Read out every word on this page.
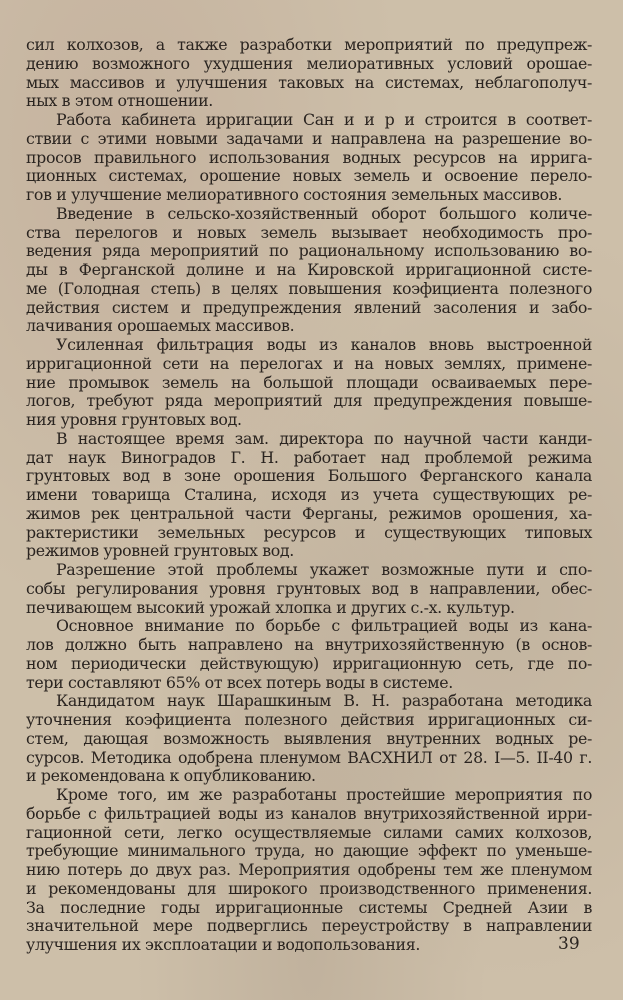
сил колхозов, а также разработки мероприятий по предупреж-
дению возможного ухудшения мелиоративных условий орошае-
мых массивов и улучшения таковых на системах, неблагополуч-
ных в этом отношении.
Работа кабинета ирригации Сан и и р и строится в соответ-
ствии с этими новыми задачами и направлена на разрешение во-
просов правильного использования водных ресурсов на ирригa-
ционных системах, орошение новых земель и освоение перело-
гов и улучшение мелиоративного состояния земельных массивов.
Введение в сельско-хозяйственный оборот большого количе-
ства перелогов и новых земель вызывает необходимость про-
ведения ряда мероприятий по рациональному использованию во-
ды в Ферганской долине и на Кировской ирригационной систе-
ме (Голодная степь) в целях повышения коэфициента полезного
действия систем и предупреждения явлений засоления и забо-
лачивания орошаемых массивов.
Усиленная фильтрация воды из каналов вновь выстроенной
ирригационной сети на перелогах и на новых землях, примене-
ние промывок земель на большой площади осваиваемых пере-
логов, требуют ряда мероприятий для предупреждения повыше-
ния уровня грунтовых вод.
В настоящее время зам. директора по научной части канди-
дат наук Виноградов Г. Н. работает над проблемой режима
грунтовых вод в зоне орошения Большого Ферганского канала
имени товарища Сталина, исходя из учета существующих ре-
жимов рек центральной части Ферганы, режимов орошения, ха-
рактеристики земельных ресурсов и существующих типовых
режимов уровней грунтовых вод.
Разрешение этой проблемы укажет возможные пути и спо-
собы регулирования уровня грунтовых вод в направлении, обес-
печивающем высокий урожай хлопка и других с.-х. культур.
Основное внимание по борьбе с фильтрацией воды из кана-
лов должно быть направлено на внутрихозяйственную (в основ-
ном периодически действующую) ирригационную сеть, где по-
тери составляют 65% от всех потерь воды в системе.
Кандидатом наук Шарашкиным В. Н. разработана методика
уточнения коэфициента полезного действия ирригационных си-
стем, дающая возможность выявления внутренних водных ре-
сурсов. Методика одобрена пленумом ВАСХНИЛ от 28. I—5. II-40 г.
и рекомендована к опубликованию.
Кроме того, им же разработаны простейшие мероприятия по
борьбе с фильтрацией воды из каналов внутрихозяйственной ирри-
гационной сети, легко осуществляемые силами самих колхозов,
требующие минимального труда, но дающие эффект по уменьше-
нию потерь до двух раз. Мероприятия одобрены тем же пленумом
и рекомендованы для широкого производственного применения.
За последние годы ирригационные системы Средней Азии в
значительной мере подверглись переустройству в направлении
улучшения их эксплоатации и водопользования.	39
